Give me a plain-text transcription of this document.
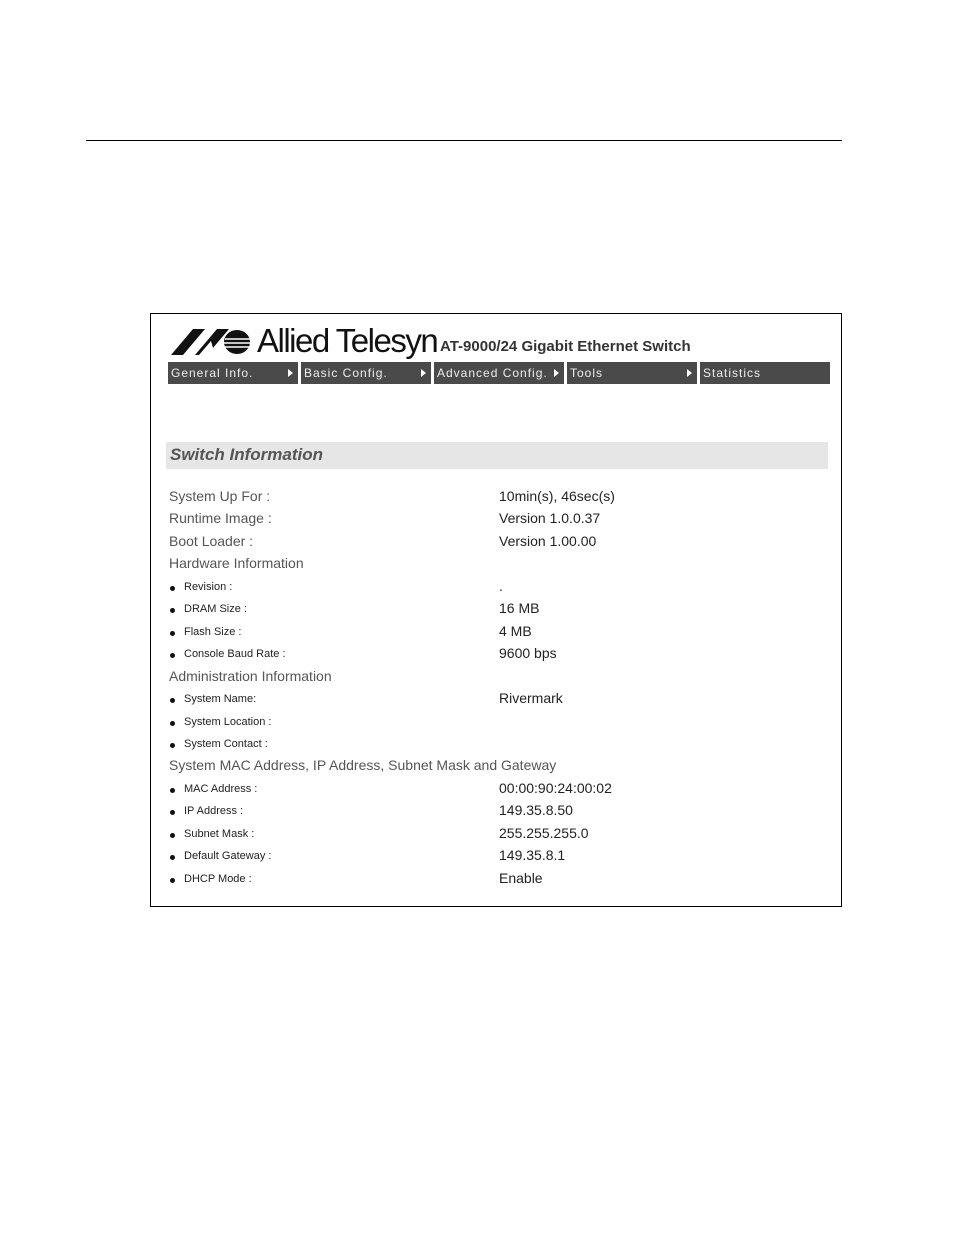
Allied Telesyn AT-9000/24 Gigabit Ethernet Switch
General Info.	Basic Config.	Advanced Config.	Tools	Statistics
Switch Information
System Up For :	10min(s), 46sec(s)
Runtime Image :	Version 1.0.0.37
Boot Loader :	Version 1.00.00
Hardware Information
Revision :	.
DRAM Size :	16 MB
Flash Size :	4 MB
Console Baud Rate :	9600 bps
Administration Information
System Name:	Rivermark
System Location :
System Contact :
System MAC Address, IP Address, Subnet Mask and Gateway
MAC Address :	00:00:90:24:00:02
IP Address :	149.35.8.50
Subnet Mask :	255.255.255.0
Default Gateway :	149.35.8.1
DHCP Mode :	Enable
